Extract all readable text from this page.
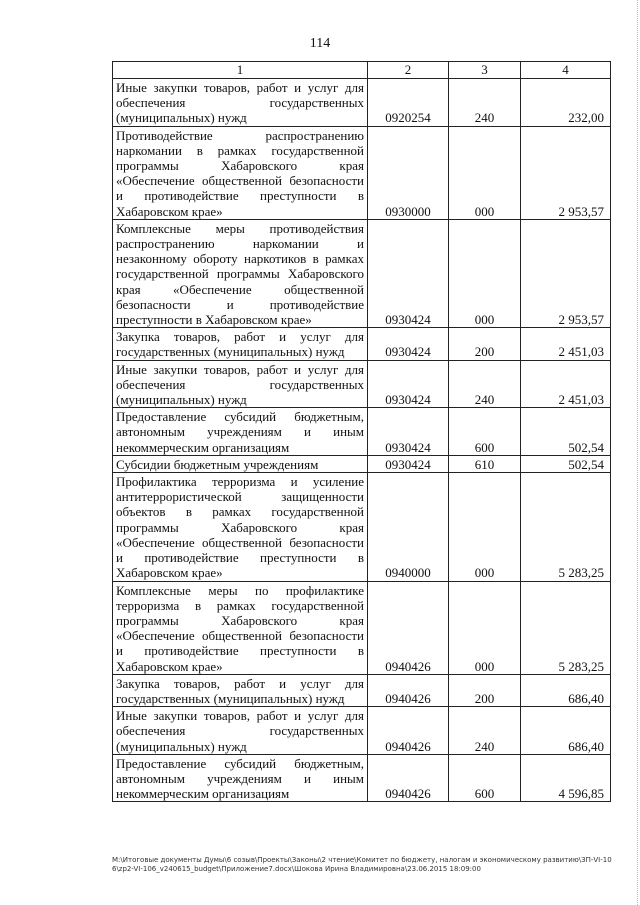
114
1	2	3	4
Иные закупки товаров, работ и услуг для обеспечения государственных (муниципальных) нужд	0920254	240	232,00
Противодействие распространению наркомании в рамках государственной программы Хабаровского края «Обеспечение общественной безопасности и противодействие преступности в Хабаровском крае»	0930000	000	2 953,57
Комплексные меры противодействия распространению наркомании и незаконному обороту наркотиков в рамках государственной программы Хабаровского края «Обеспечение общественной безопасности и противодействие преступности в Хабаровском крае»	0930424	000	2 953,57
Закупка товаров, работ и услуг для государственных (муниципальных) нужд	0930424	200	2 451,03
Иные закупки товаров, работ и услуг для обеспечения государственных (муниципальных) нужд	0930424	240	2 451,03
Предоставление субсидий бюджетным, автономным учреждениям и иным некоммерческим организациям	0930424	600	502,54
Субсидии бюджетным учреждениям	0930424	610	502,54
Профилактика терроризма и усиление антитеррористической защищенности объектов в рамках государственной программы Хабаровского края «Обеспечение общественной безопасности и противодействие преступности в Хабаровском крае»	0940000	000	5 283,25
Комплексные меры по профилактике терроризма в рамках государственной программы Хабаровского края «Обеспечение общественной безопасности и противодействие преступности в Хабаровском крае»	0940426	000	5 283,25
Закупка товаров, работ и услуг для государственных (муниципальных) нужд	0940426	200	686,40
Иные закупки товаров, работ и услуг для обеспечения государственных (муниципальных) нужд	0940426	240	686,40
Предоставление субсидий бюджетным, автономным учреждениям и иным некоммерческим организациям	0940426	600	4 596,85
M:\Итоговые документы Думы\6 созыв\Проекты\Законы\2 чтение\Комитет по бюджету, налогам и экономическому развитию\ЗП-VI-106\zp2-VI-106_v240615_budget\Приложение7.docx\Шокова Ирина Владимировна\23.06.2015 18:09:00
